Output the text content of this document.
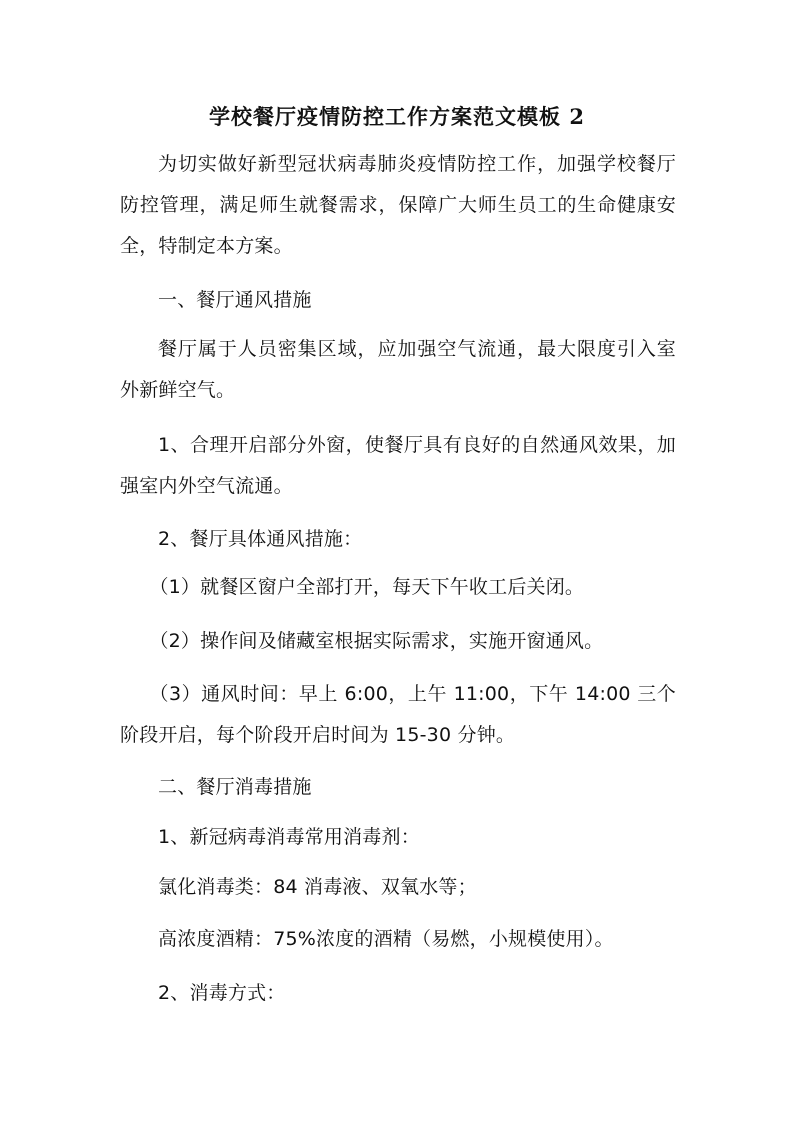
学校餐厅疫情防控工作方案范文模板 2

为切实做好新型冠状病毒肺炎疫情防控工作，加强学校餐厅防控管理，满足师生就餐需求，保障广大师生员工的生命健康安全，特制定本方案。

一、餐厅通风措施

餐厅属于人员密集区域，应加强空气流通，最大限度引入室外新鲜空气。

1、合理开启部分外窗，使餐厅具有良好的自然通风效果，加强室内外空气流通。

2、餐厅具体通风措施：

（1）就餐区窗户全部打开，每天下午收工后关闭。

（2）操作间及储藏室根据实际需求，实施开窗通风。

（3）通风时间：早上 6:00，上午 11:00，下午 14:00 三个阶段开启，每个阶段开启时间为 15-30 分钟。

二、餐厅消毒措施

1、新冠病毒消毒常用消毒剂：

氯化消毒类：84 消毒液、双氧水等；

高浓度酒精：75%浓度的酒精（易燃，小规模使用）。

2、消毒方式：
